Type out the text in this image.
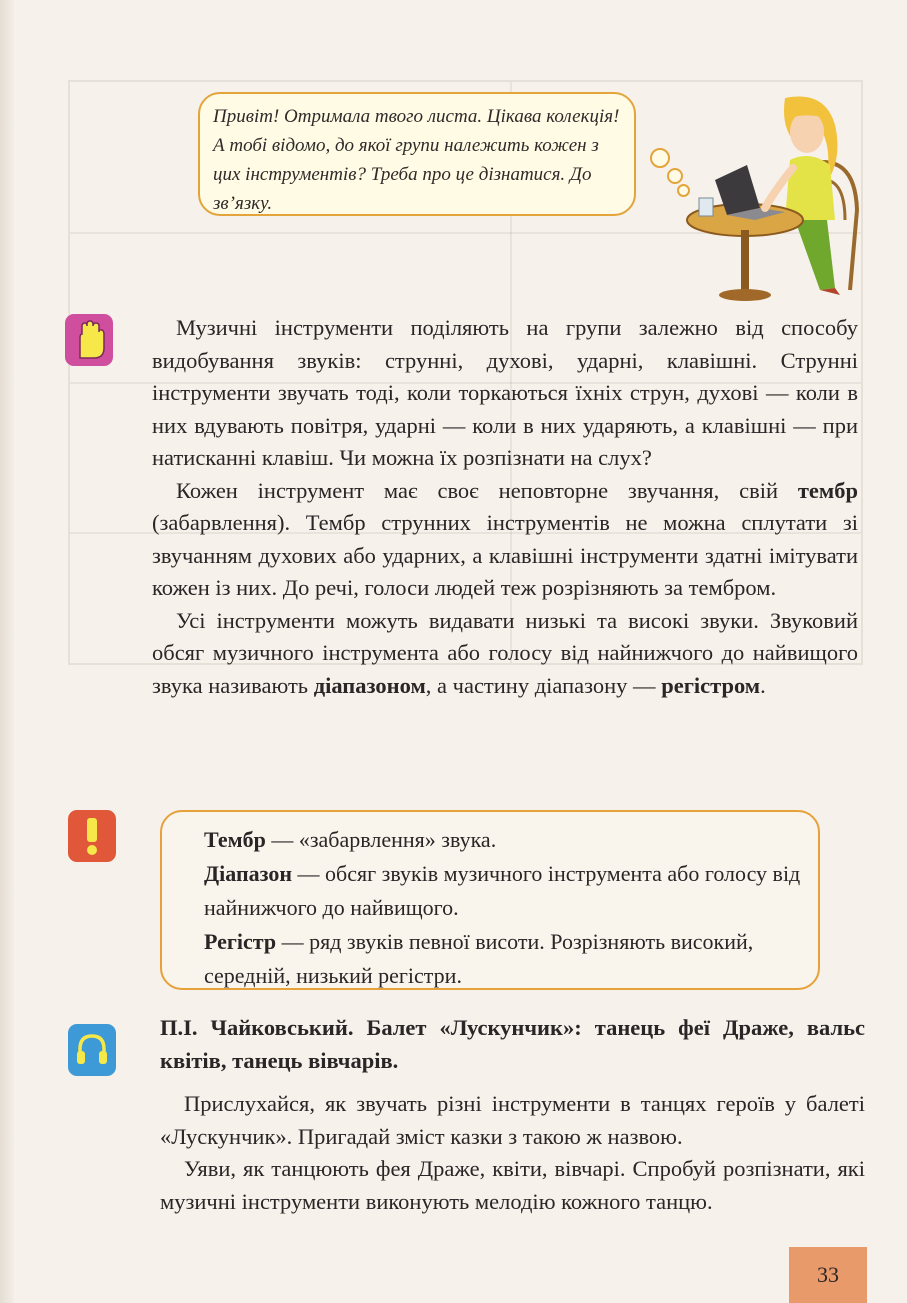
Привіт! Отримала твого листа. Цікава колекція! А тобі відомо, до якої групи належить кожен з цих інструментів? Треба про це дізнатися. До зв’язку.

Музичні інструменти поділяють на групи залежно від способу видобування звуків: струнні, духові, ударні, клавішні. Струнні інструменти звучать тоді, коли торкаються їхніх струн, духові — коли в них вдувають повітря, ударні — коли в них ударяють, а клавішні — при натисканні клавіш. Чи можна їх розпізнати на слух?

Кожен інструмент має своє неповторне звучання, свій тембр (забарвлення). Тембр струнних інструментів не можна сплутати зі звучанням духових або ударних, а клавішні інструменти здатні імітувати кожен із них. До речі, голоси людей теж розрізняють за тембром.

Усі інструменти можуть видавати низькі та високі звуки. Звуковий обсяг музичного інструмента або голосу від найнижчого до найвищого звука називають діапазоном, а частину діапазону — регістром.

Тембр — «забарвлення» звука.

Діапазон — обсяг звуків музичного інструмента або голосу від найнижчого до найвищого.

Регістр — ряд звуків певної висоти. Розрізняють високий, середній, низький регістри.

П.І. Чайковський. Балет «Лускунчик»: танець феї Драже, вальс квітів, танець вівчарів.

Прислухайся, як звучать різні інструменти в танцях героїв у балеті «Лускунчик». Пригадай зміст казки з такою ж назвою.

Уяви, як танцюють фея Драже, квіти, вівчарі. Спробуй розпізнати, які музичні інструменти виконують мелодію кожного танцю.

33
